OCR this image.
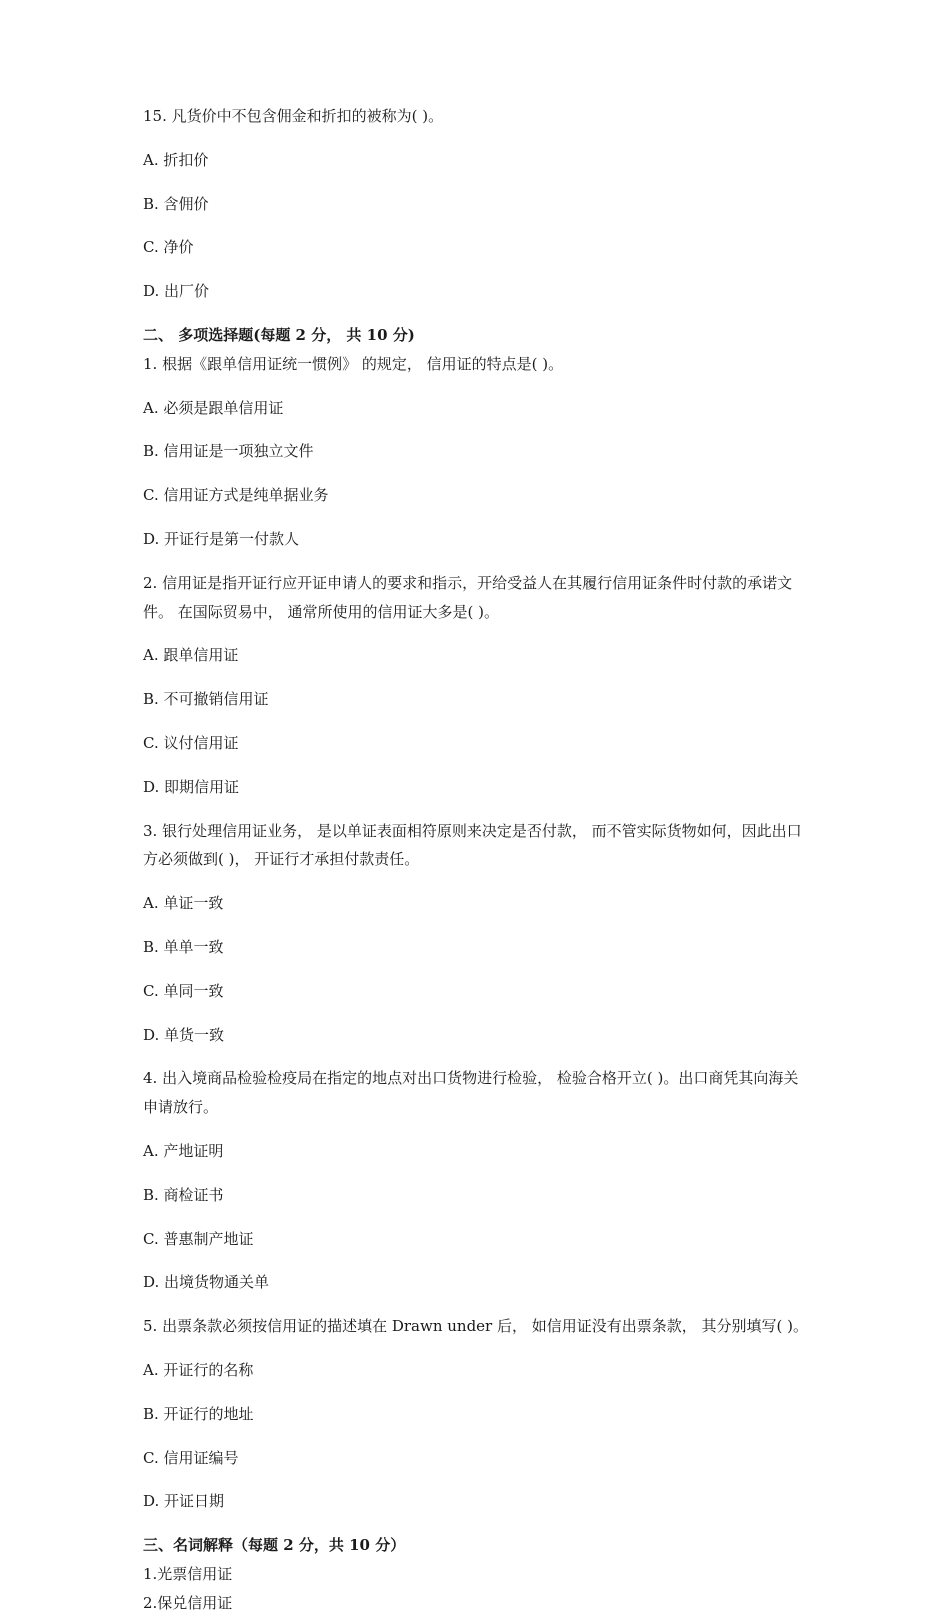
15. 凡货价中不包含佣金和折扣的被称为( )。

A. 折扣价

B. 含佣价

C. 净价

D. 出厂价

二、 多项选择题(每题 2 分， 共 10 分)

1. 根据《跟单信用证统一惯例》 的规定， 信用证的特点是( )。

A. 必须是跟单信用证

B. 信用证是一项独立文件

C. 信用证方式是纯单据业务

D. 开证行是第一付款人

2. 信用证是指开证行应开证申请人的要求和指示，开给受益人在其履行信用证条件时付款的承诺文件。 在国际贸易中， 通常所使用的信用证大多是( )。

A. 跟单信用证

B. 不可撤销信用证

C. 议付信用证

D. 即期信用证

3. 银行处理信用证业务， 是以单证表面相符原则来决定是否付款， 而不管实际货物如何，因此出口方必须做到( )， 开证行才承担付款责任。

A. 单证一致

B. 单单一致

C. 单同一致

D. 单货一致

4. 出入境商品检验检疫局在指定的地点对出口货物进行检验， 检验合格开立( )。出口商凭其向海关申请放行。

A. 产地证明

B. 商检证书

C. 普惠制产地证

D. 出境货物通关单

5. 出票条款必须按信用证的描述填在 Drawn under 后， 如信用证没有出票条款， 其分别填写( )。

A. 开证行的名称

B. 开证行的地址

C. 信用证编号

D. 开证日期

三、名词解释（每题 2 分，共 10 分）

1.光票信用证

2.保兑信用证
